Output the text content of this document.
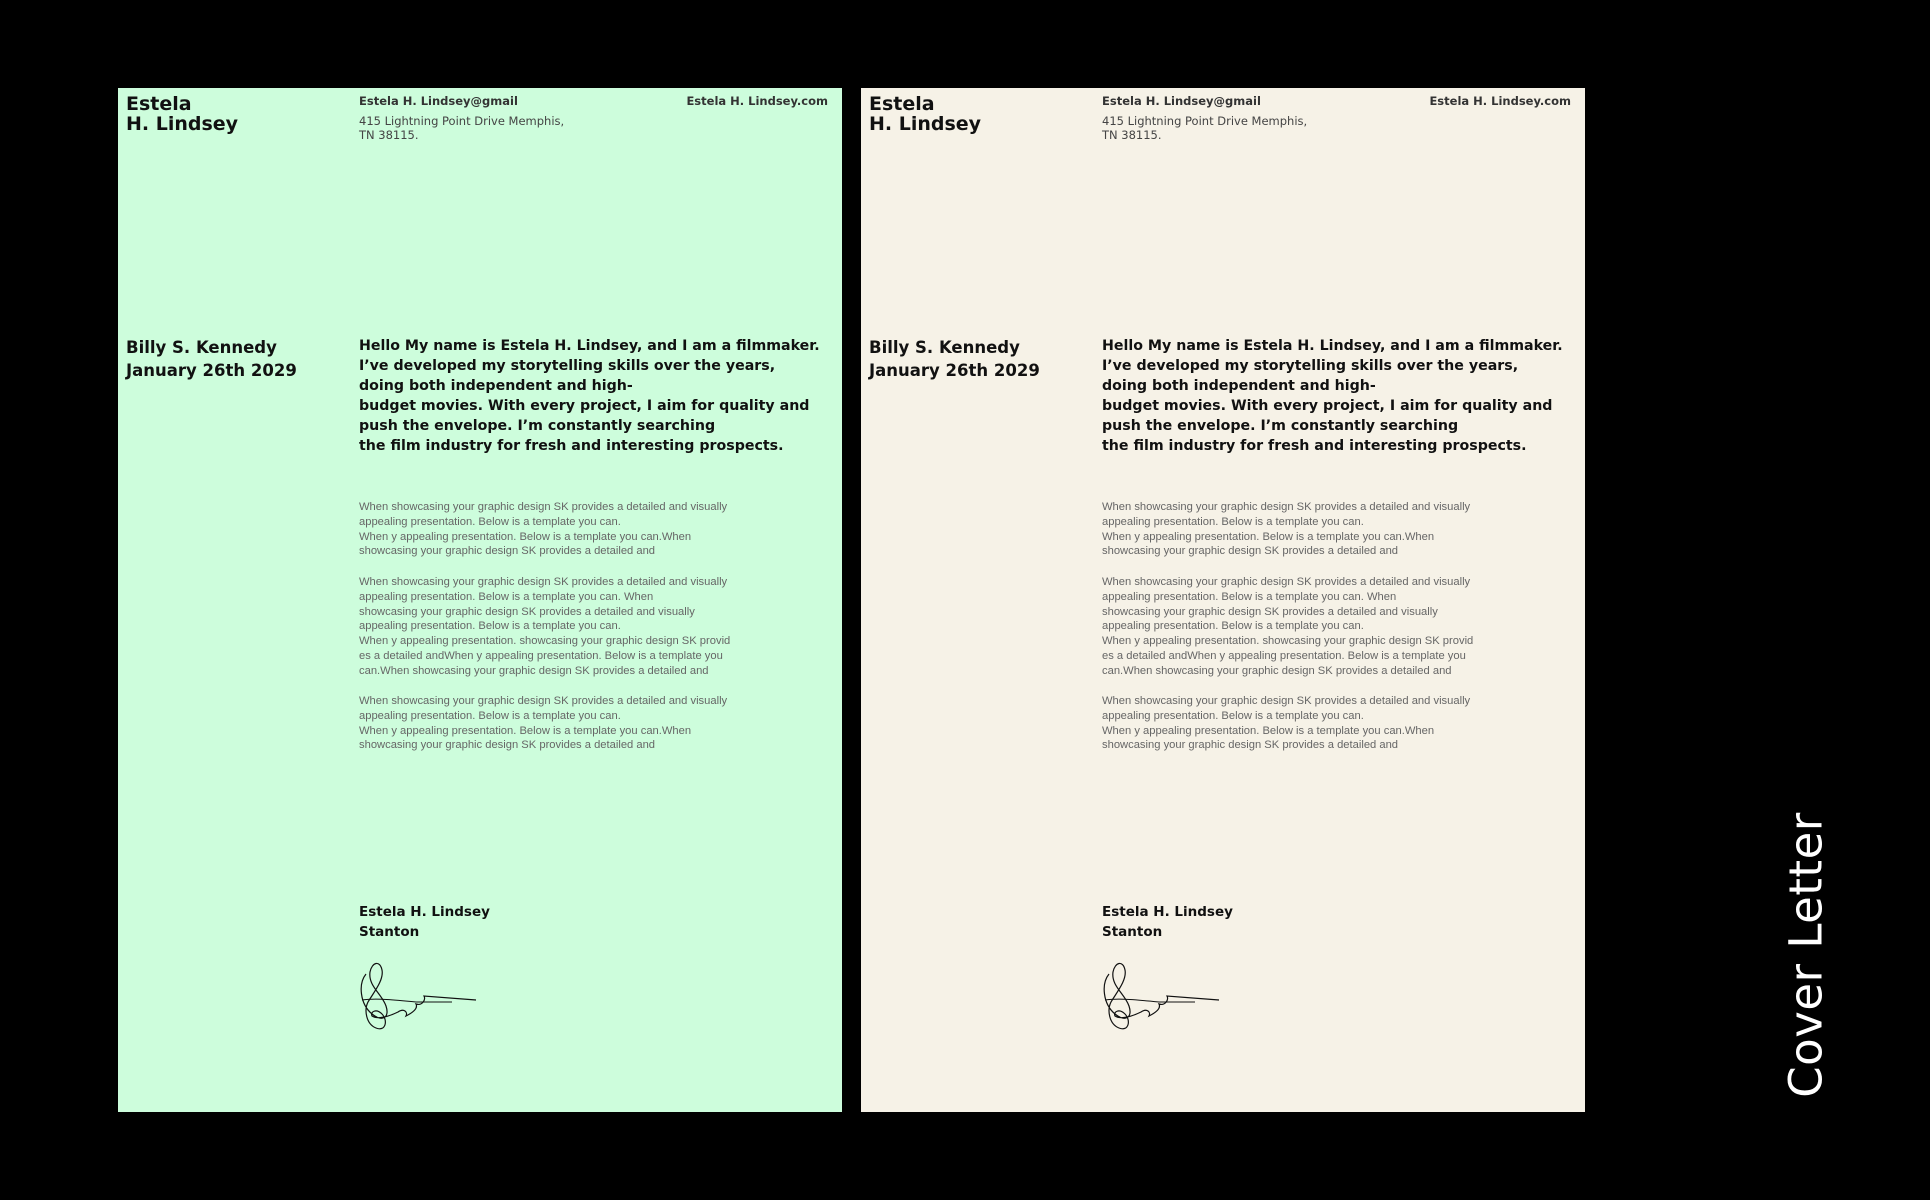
Estela
H. Lindsey
Estela H. Lindsey@gmail
415 Lightning Point Drive Memphis,
TN 38115.
Estela H. Lindsey.com
Billy S. Kennedy
January 26th 2029
Hello My name is Estela H. Lindsey, and I am a filmmaker.
I’ve developed my storytelling skills over the years,
doing both independent and high-
budget movies. With every project, I aim for quality and
push the envelope. I’m constantly searching
the film industry for fresh and interesting prospects.
When showcasing your graphic design SK provides a detailed and visually
appealing presentation. Below is a template you can.
When y appealing presentation. Below is a template you can.When
showcasing your graphic design SK provides a detailed and
When showcasing your graphic design SK provides a detailed and visually
appealing presentation. Below is a template you can. When
showcasing your graphic design SK provides a detailed and visually
appealing presentation. Below is a template you can.
When y appealing presentation. showcasing your graphic design SK provid
es a detailed andWhen y appealing presentation. Below is a template you
can.When showcasing your graphic design SK provides a detailed and
When showcasing your graphic design SK provides a detailed and visually
appealing presentation. Below is a template you can.
When y appealing presentation. Below is a template you can.When
showcasing your graphic design SK provides a detailed and
Estela H. Lindsey
Stanton
Estela
H. Lindsey
Estela H. Lindsey@gmail
415 Lightning Point Drive Memphis,
TN 38115.
Estela H. Lindsey.com
Billy S. Kennedy
January 26th 2029
Hello My name is Estela H. Lindsey, and I am a filmmaker.
I’ve developed my storytelling skills over the years,
doing both independent and high-
budget movies. With every project, I aim for quality and
push the envelope. I’m constantly searching
the film industry for fresh and interesting prospects.
When showcasing your graphic design SK provides a detailed and visually
appealing presentation. Below is a template you can.
When y appealing presentation. Below is a template you can.When
showcasing your graphic design SK provides a detailed and
When showcasing your graphic design SK provides a detailed and visually
appealing presentation. Below is a template you can. When
showcasing your graphic design SK provides a detailed and visually
appealing presentation. Below is a template you can.
When y appealing presentation. showcasing your graphic design SK provid
es a detailed andWhen y appealing presentation. Below is a template you
can.When showcasing your graphic design SK provides a detailed and
When showcasing your graphic design SK provides a detailed and visually
appealing presentation. Below is a template you can.
When y appealing presentation. Below is a template you can.When
showcasing your graphic design SK provides a detailed and
Estela H. Lindsey
Stanton	Cover Letter
